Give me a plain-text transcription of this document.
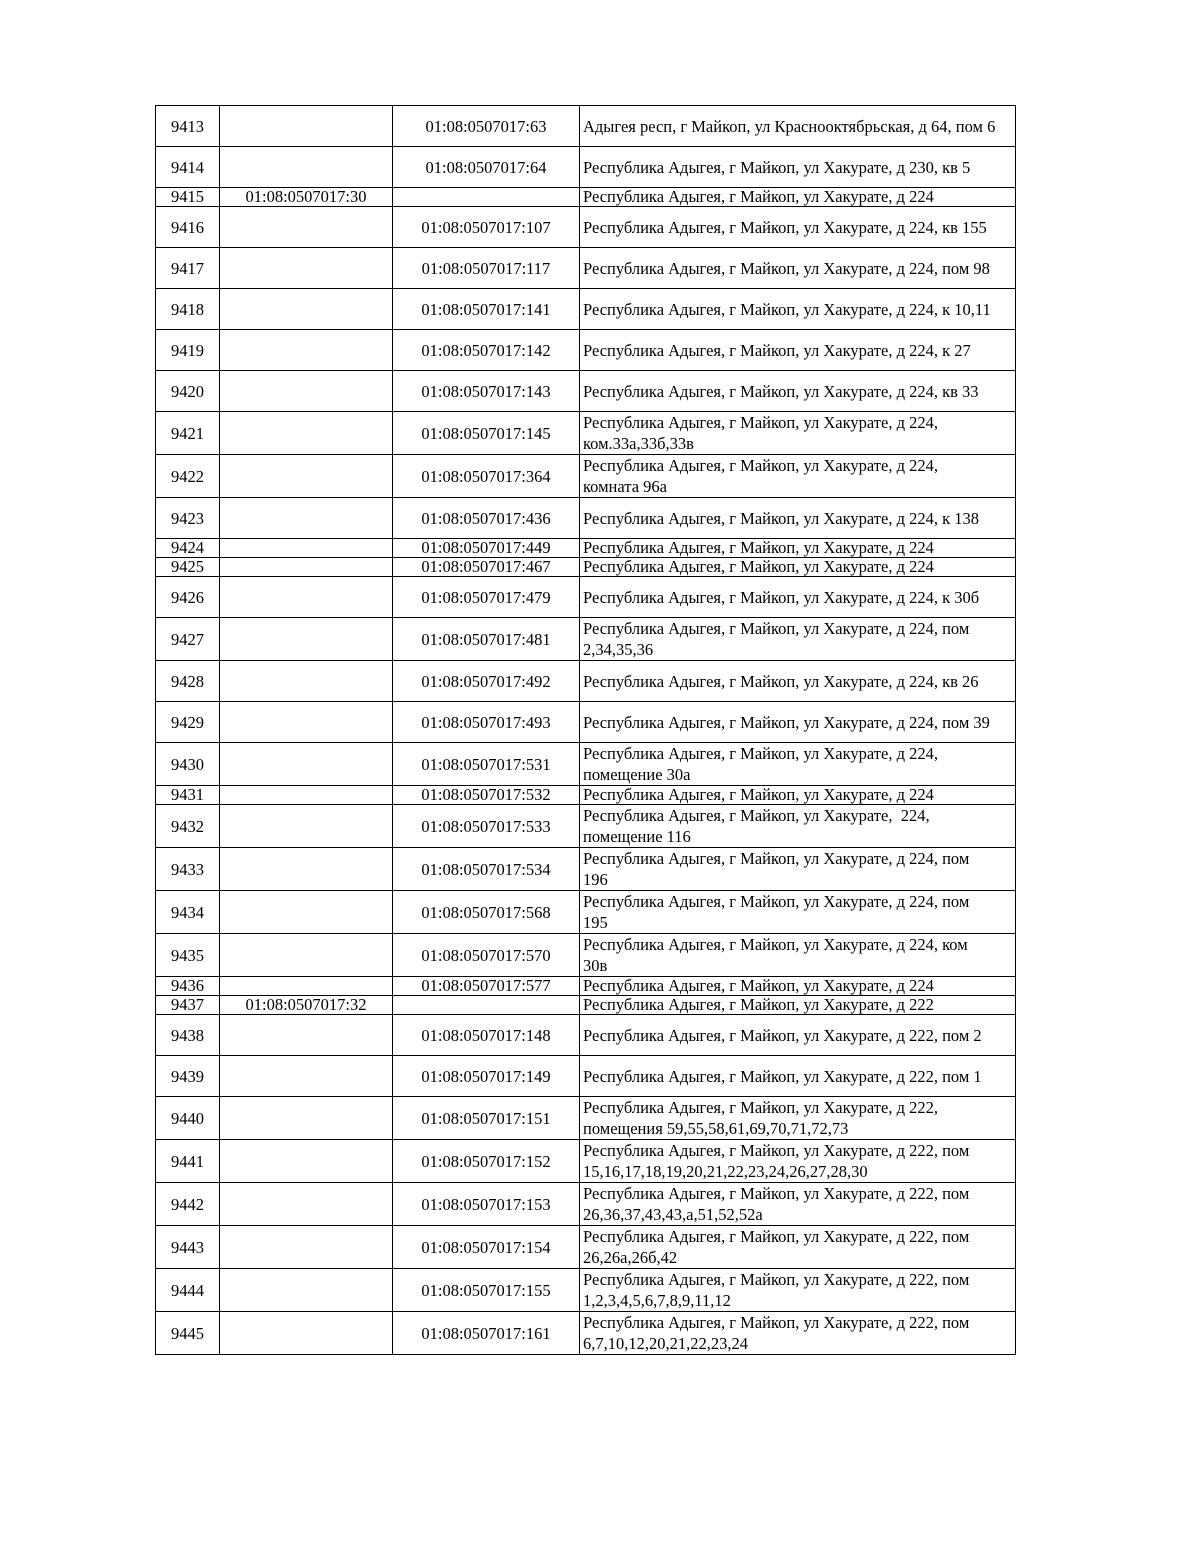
9413		01:08:0507017:63	Адыгея респ, г Майкоп, ул Краснооктябрьская, д 64, пом 6
9414		01:08:0507017:64	Республика Адыгея, г Майкоп, ул Хакурате, д 230, кв 5
9415	01:08:0507017:30		Республика Адыгея, г Майкоп, ул Хакурате, д 224
9416		01:08:0507017:107	Республика Адыгея, г Майкоп, ул Хакурате, д 224, кв 155
9417		01:08:0507017:117	Республика Адыгея, г Майкоп, ул Хакурате, д 224, пом 98
9418		01:08:0507017:141	Республика Адыгея, г Майкоп, ул Хакурате, д 224, к 10,11
9419		01:08:0507017:142	Республика Адыгея, г Майкоп, ул Хакурате, д 224, к 27
9420		01:08:0507017:143	Республика Адыгея, г Майкоп, ул Хакурате, д 224, кв 33
9421		01:08:0507017:145	Республика Адыгея, г Майкоп, ул Хакурате, д 224,
ком.33а,33б,33в
9422		01:08:0507017:364	Республика Адыгея, г Майкоп, ул Хакурате, д 224,
комната 96а
9423		01:08:0507017:436	Республика Адыгея, г Майкоп, ул Хакурате, д 224, к 138
9424		01:08:0507017:449	Республика Адыгея, г Майкоп, ул Хакурате, д 224
9425		01:08:0507017:467	Республика Адыгея, г Майкоп, ул Хакурате, д 224
9426		01:08:0507017:479	Республика Адыгея, г Майкоп, ул Хакурате, д 224, к 30б
9427		01:08:0507017:481	Республика Адыгея, г Майкоп, ул Хакурате, д 224, пом
2,34,35,36
9428		01:08:0507017:492	Республика Адыгея, г Майкоп, ул Хакурате, д 224, кв 26
9429		01:08:0507017:493	Республика Адыгея, г Майкоп, ул Хакурате, д 224, пом 39
9430		01:08:0507017:531	Республика Адыгея, г Майкоп, ул Хакурате, д 224,
помещение 30а
9431		01:08:0507017:532	Республика Адыгея, г Майкоп, ул Хакурате, д 224
9432		01:08:0507017:533	Республика Адыгея, г Майкоп, ул Хакурате,  224,
помещение 116
9433		01:08:0507017:534	Республика Адыгея, г Майкоп, ул Хакурате, д 224, пом
196
9434		01:08:0507017:568	Республика Адыгея, г Майкоп, ул Хакурате, д 224, пом
195
9435		01:08:0507017:570	Республика Адыгея, г Майкоп, ул Хакурате, д 224, ком
30в
9436		01:08:0507017:577	Республика Адыгея, г Майкоп, ул Хакурате, д 224
9437	01:08:0507017:32		Республика Адыгея, г Майкоп, ул Хакурате, д 222
9438		01:08:0507017:148	Республика Адыгея, г Майкоп, ул Хакурате, д 222, пом 2
9439		01:08:0507017:149	Республика Адыгея, г Майкоп, ул Хакурате, д 222, пом 1
9440		01:08:0507017:151	Республика Адыгея, г Майкоп, ул Хакурате, д 222,
помещения 59,55,58,61,69,70,71,72,73
9441		01:08:0507017:152	Республика Адыгея, г Майкоп, ул Хакурате, д 222, пом
15,16,17,18,19,20,21,22,23,24,26,27,28,30
9442		01:08:0507017:153	Республика Адыгея, г Майкоп, ул Хакурате, д 222, пом
26,36,37,43,43,а,51,52,52а
9443		01:08:0507017:154	Республика Адыгея, г Майкоп, ул Хакурате, д 222, пом
26,26а,26б,42
9444		01:08:0507017:155	Республика Адыгея, г Майкоп, ул Хакурате, д 222, пом
1,2,3,4,5,6,7,8,9,11,12
9445		01:08:0507017:161	Республика Адыгея, г Майкоп, ул Хакурате, д 222, пом
6,7,10,12,20,21,22,23,24
